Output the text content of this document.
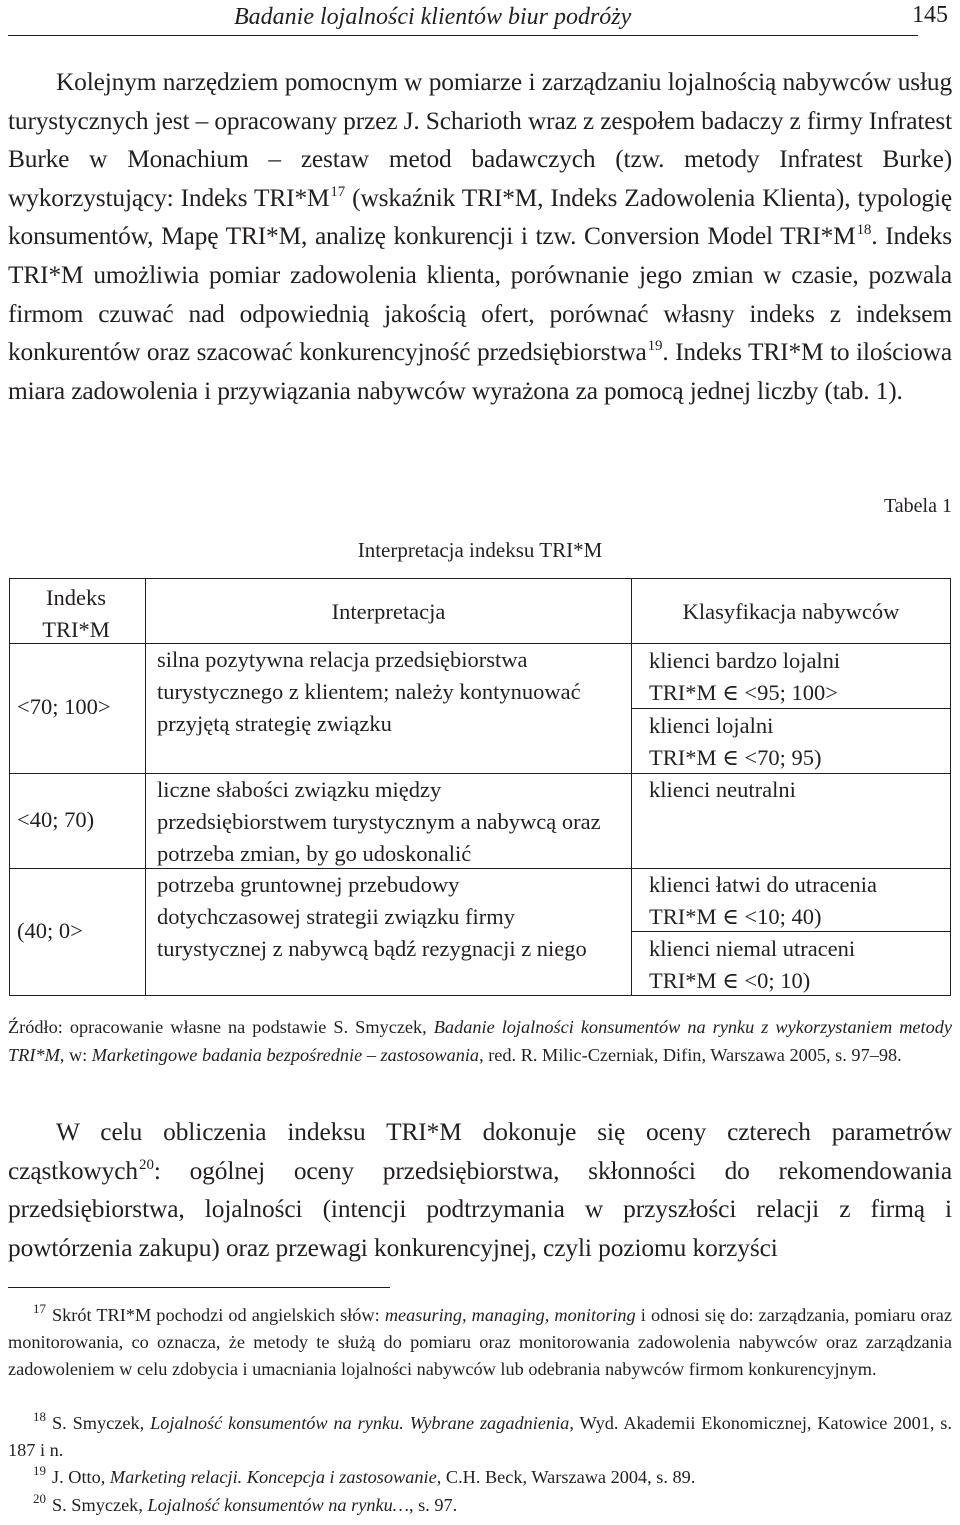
Badanie lojalności klientów biur podróży	145

Kolejnym narzędziem pomocnym w pomiarze i zarządzaniu lojalnością nabywców usług turystycznych jest – opracowany przez J. Scharioth wraz z zespołem badaczy z firmy Infratest Burke w Monachium – zestaw metod badawczych (tzw. metody Infratest Burke) wykorzystujący: Indeks $TRI*M^{17}$ (wskaźnik TRI*M, Indeks Zadowolenia Klienta), typologię konsumentów, Mapę TRI*M, analizę konkurencji i tzw. Conversion Model $TRI*M^{18}$. Indeks TRI*M umożliwia pomiar zadowolenia klienta, porównanie jego zmian w czasie, pozwala firmom czuwać nad odpowiednią jakością ofert, porównać własny indeks z indeksem konkurentów oraz szacować konkurencyjność przedsiębiorstwa$^{19}$. Indeks TRI*M to ilościowa miara zadowolenia i przywiązania nabywców wyrażona za pomocą jednej liczby (tab. 1).

Tabela 1
Interpretacja indeksu TRI*M
Indeks TRI*M
Interpretacja	Klasyfikacja nabywców
<70; 100>
silna pozytywna relacja przedsiębiorstwa turystycznego z klientem; należy kontynuować przyjętą strategię związku
klienci bardzo lojalni
TRI*M ∈ <95; 100>
klienci lojalni
TRI*M ∈ <70; 95)
<40; 70)
liczne słabości związku między przedsiębiorstwem turystycznym a nabywcą oraz potrzeba zmian, by go udoskonalić
klienci neutralni
(40; 0>
potrzeba gruntownej przebudowy dotychczasowej strategii związku firmy turystycznej z nabywcą bądź rezygnacji z niego
klienci łatwi do utracenia
TRI*M ∈ <10; 40)
klienci niemal utraceni
TRI*M ∈ <0; 10)

Źródło: opracowanie własne na podstawie S. Smyczek, Badanie lojalności konsumentów na rynku z wykorzystaniem metody TRI*M, w: Marketingowe badania bezpośrednie – zastosowania, red. R. Milic-Czerniak, Difin, Warszawa 2005, s. 97–98.

W celu obliczenia indeksu TRI*M dokonuje się oceny czterech parametrów cząstkowych$^{20}$: ogólnej oceny przedsiębiorstwa, skłonności do rekomendowania przedsiębiorstwa, lojalności (intencji podtrzymania w przyszłości relacji z firmą i powtórzenia zakupu) oraz przewagi konkurencyjnej, czyli poziomu korzyści

$^{17}$ Skrót TRI*M pochodzi od angielskich słów: measuring, managing, monitoring i odnosi się do: zarządzania, pomiaru oraz monitorowania, co oznacza, że metody te służą do pomiaru oraz monitorowania zadowolenia nabywców oraz zarządzania zadowoleniem w celu zdobycia i umacniania lojalności nabywców lub odebrania nabywców firmom konkurencyjnym.

$^{18}$ S. Smyczek, Lojalność konsumentów na rynku. Wybrane zagadnienia, Wyd. Akademii Ekonomicznej, Katowice 2001, s. 187 i n.

$^{19}$ J. Otto, Marketing relacji. Koncepcja i zastosowanie, C.H. Beck, Warszawa 2004, s. 89.

$^{20}$ S. Smyczek, Lojalność konsumentów na rynku…, s. 97.
